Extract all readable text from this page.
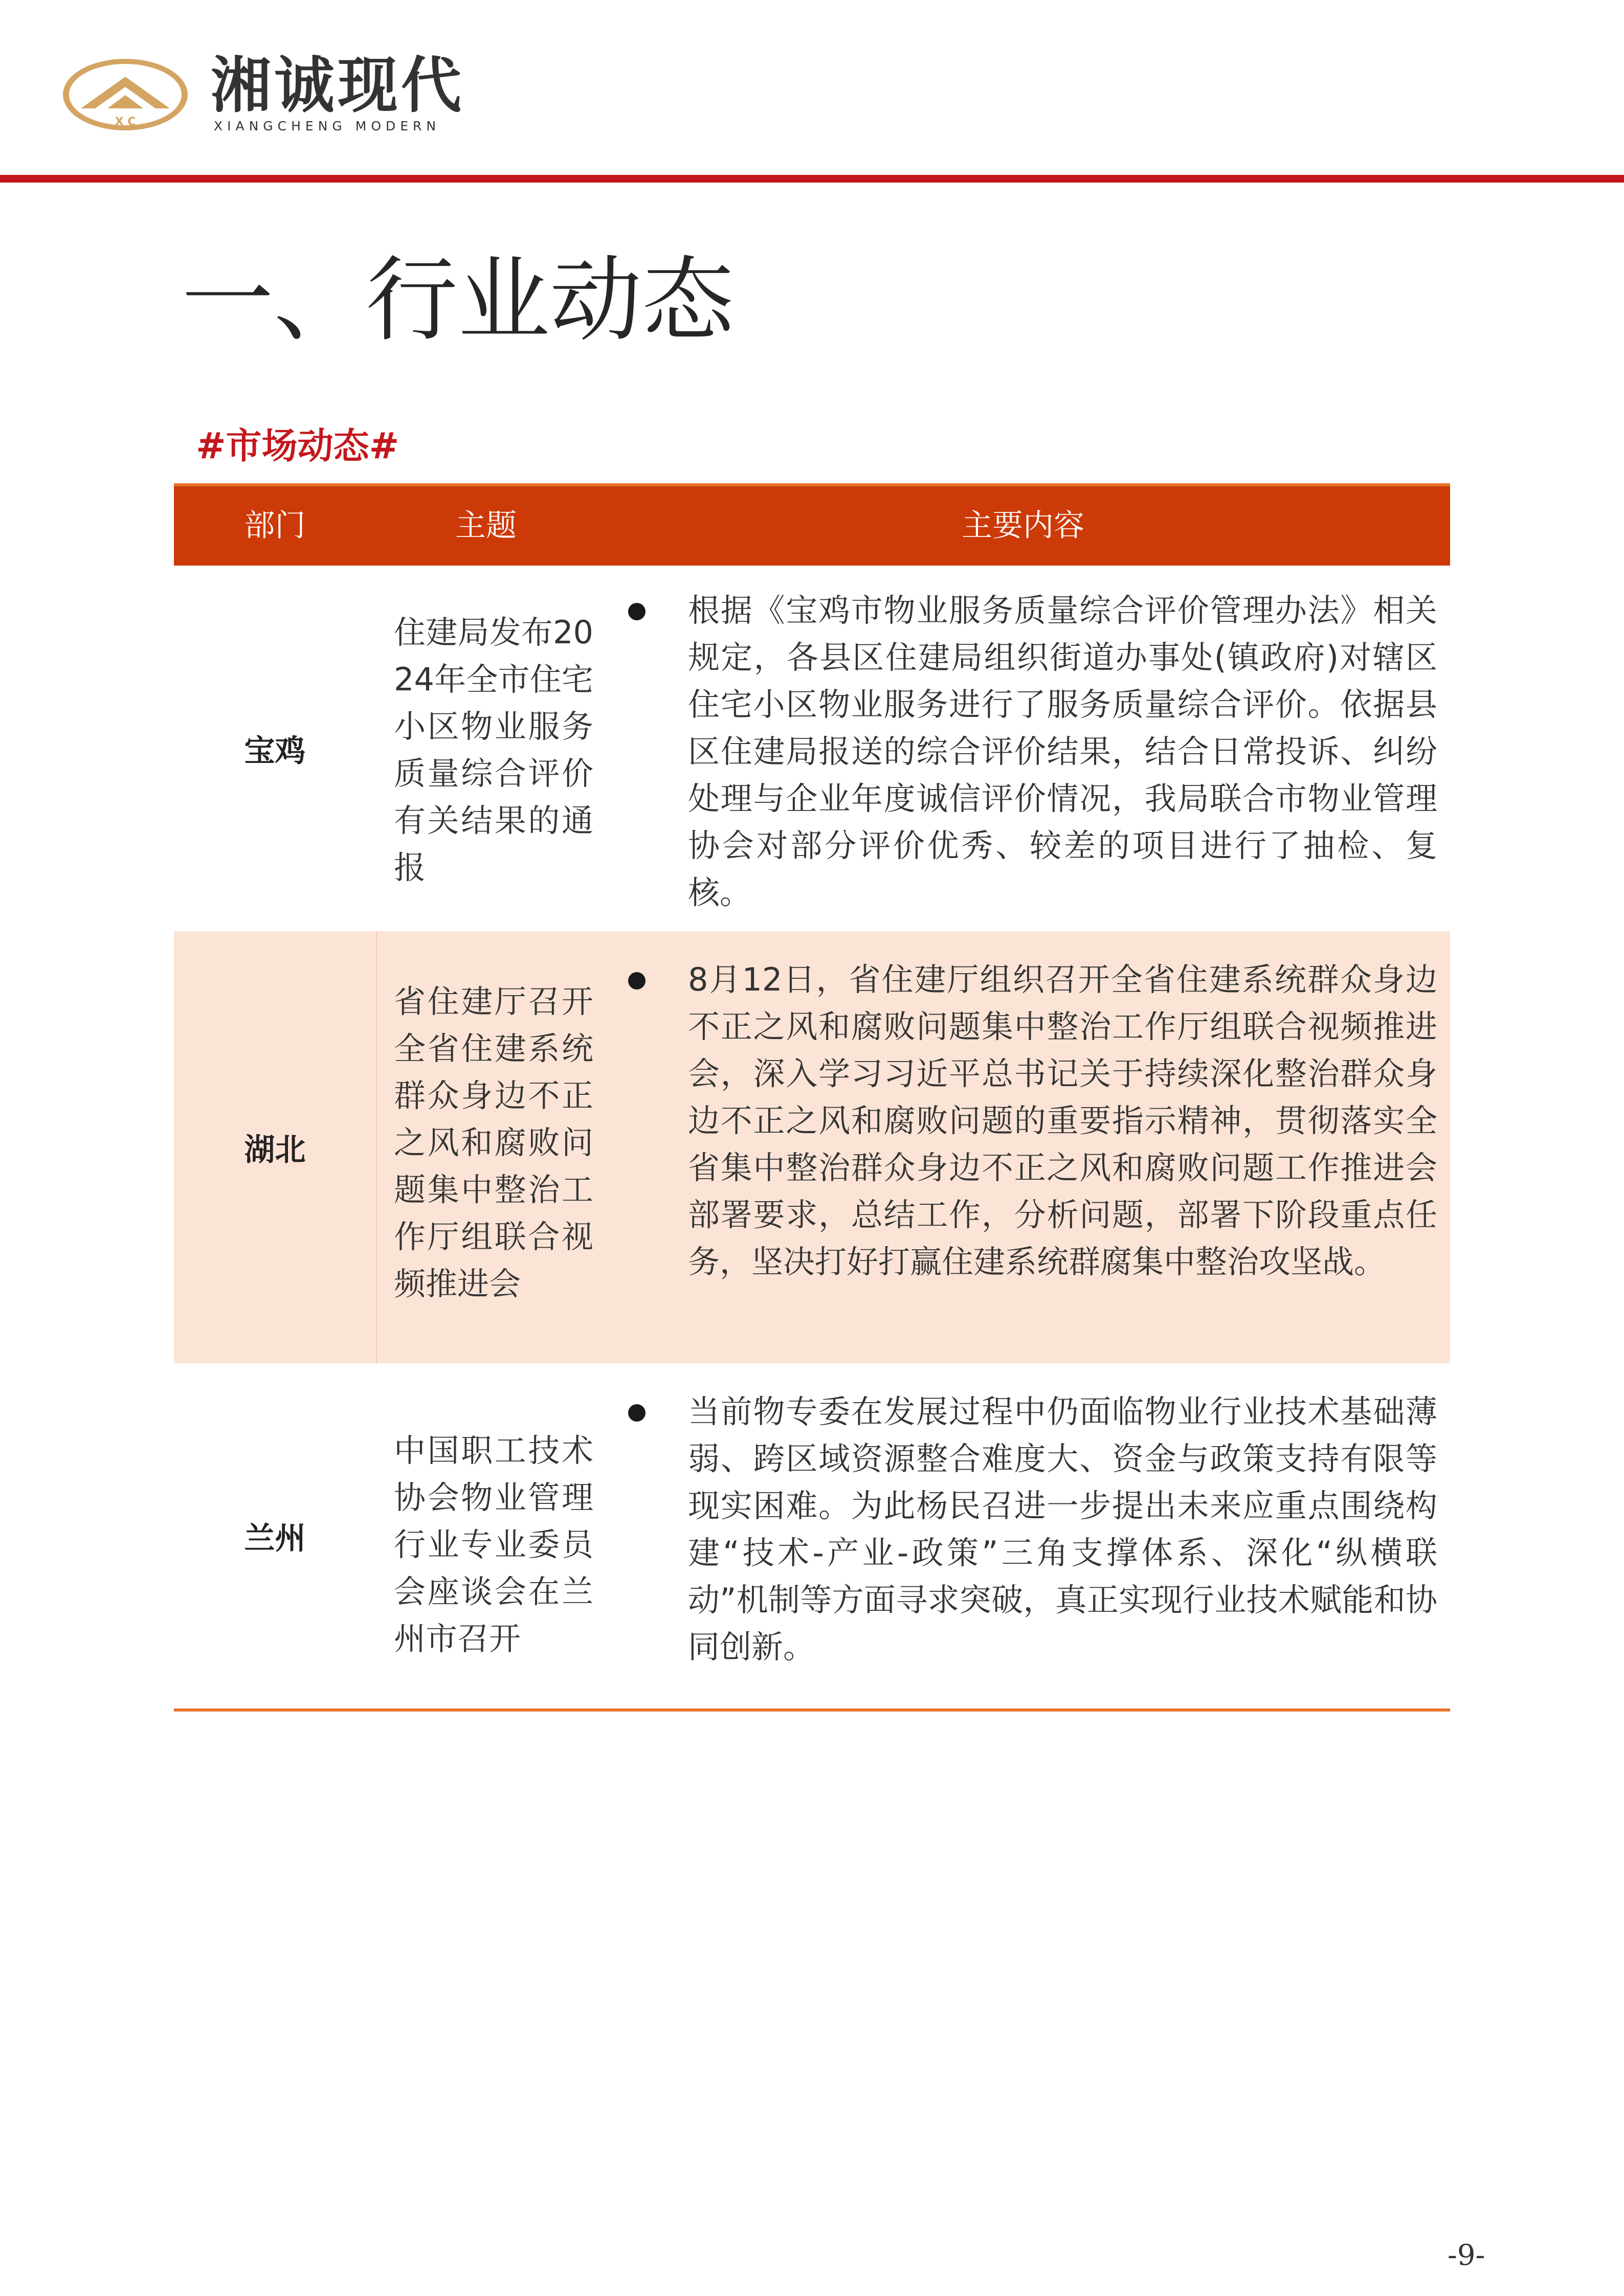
X C
湘诚现代
XIANGCHENG MODERN
一、行业动态
#市场动态#
部门	主题	主要内容
宝鸡
住建局发布2024年全市住宅小区物业服务质量综合评价有关结果的通报
根据《宝鸡市物业服务质量综合评价管理办法》相关规定，各县区住建局组织街道办事处(镇政府)对辖区住宅小区物业服务进行了服务质量综合评价。依据县区住建局报送的综合评价结果，结合日常投诉、纠纷处理与企业年度诚信评价情况，我局联合市物业管理协会对部分评价优秀、较差的项目进行了抽检、复核。
湖北
省住建厅召开全省住建系统群众身边不正之风和腐败问题集中整治工作厅组联合视频推进会
8月12日，省住建厅组织召开全省住建系统群众身边不正之风和腐败问题集中整治工作厅组联合视频推进会，深入学习习近平总书记关于持续深化整治群众身边不正之风和腐败问题的重要指示精神，贯彻落实全省集中整治群众身边不正之风和腐败问题工作推进会部署要求，总结工作，分析问题，部署下阶段重点任务，坚决打好打赢住建系统群腐集中整治攻坚战。
兰州
中国职工技术协会物业管理行业专业委员会座谈会在兰州市召开
当前物专委在发展过程中仍面临物业行业技术基础薄弱、跨区域资源整合难度大、资金与政策支持有限等现实困难。为此杨民召进一步提出未来应重点围绕构建“技术-产业-政策”三角支撑体系、深化“纵横联动”机制等方面寻求突破，真正实现行业技术赋能和协同创新。
-9-
